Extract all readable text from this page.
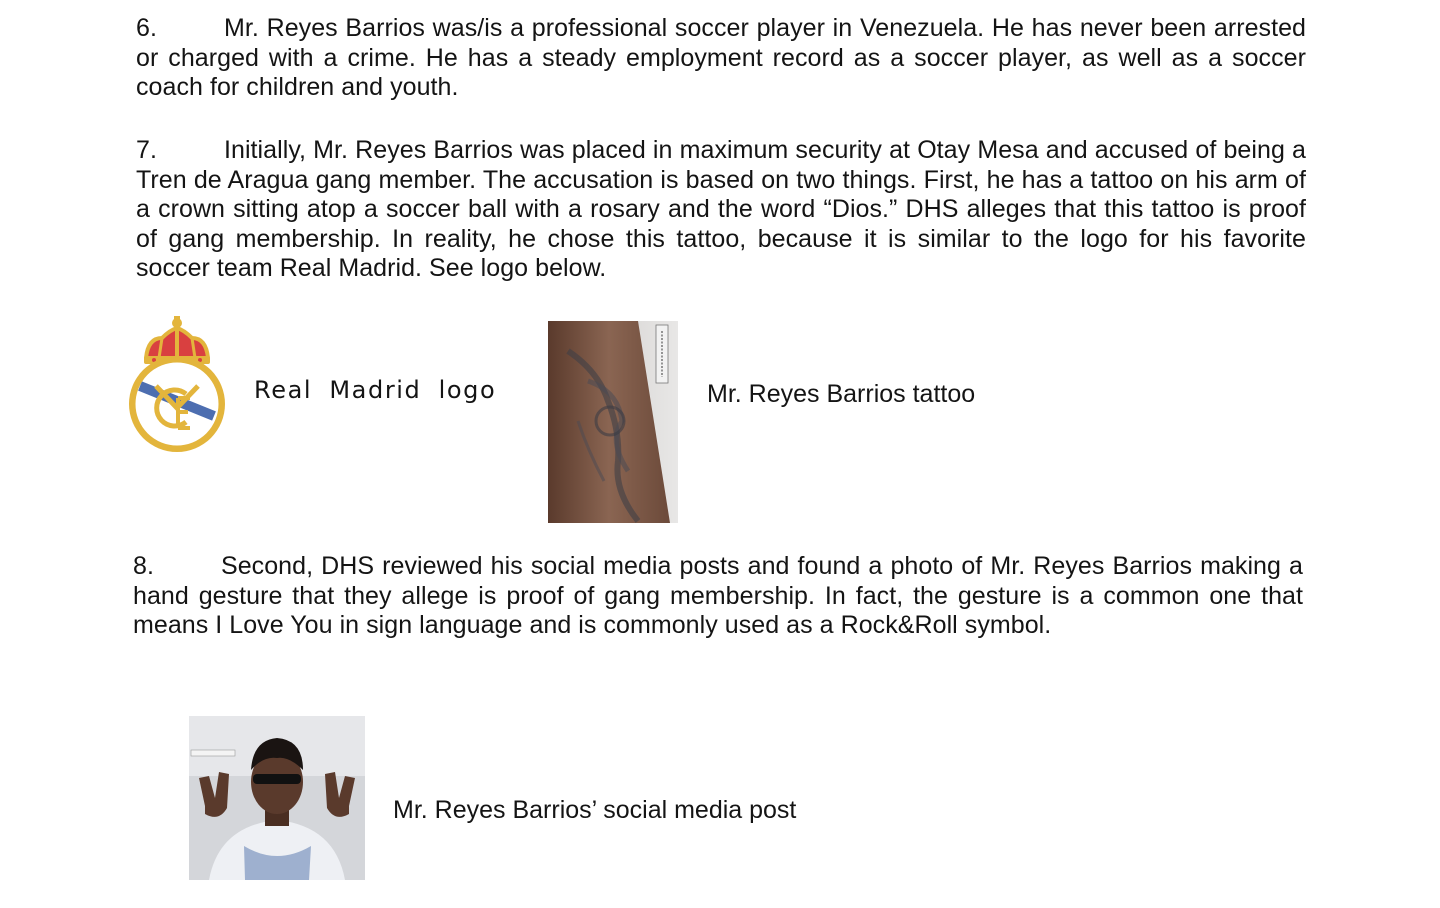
6.	Mr. Reyes Barrios was/is a professional soccer player in Venezuela. He has never been arrested or charged with a crime. He has a steady employment record as a soccer player, as well as a soccer coach for children and youth.
7.	Initially, Mr. Reyes Barrios was placed in maximum security at Otay Mesa and accused of being a Tren de Aragua gang member. The accusation is based on two things. First, he has a tattoo on his arm of a crown sitting atop a soccer ball with a rosary and the word “Dios.” DHS alleges that this tattoo is proof of gang membership. In reality, he chose this tattoo, because it is similar to the logo for his favorite soccer team Real Madrid. See logo below.
Real Madrid logo	Mr. Reyes Barrios tattoo
8.	Second, DHS reviewed his social media posts and found a photo of Mr. Reyes Barrios making a hand gesture that they allege is proof of gang membership. In fact, the gesture is a common one that means I Love You in sign language and is commonly used as a Rock&Roll symbol.
Mr. Reyes Barrios’ social media post
